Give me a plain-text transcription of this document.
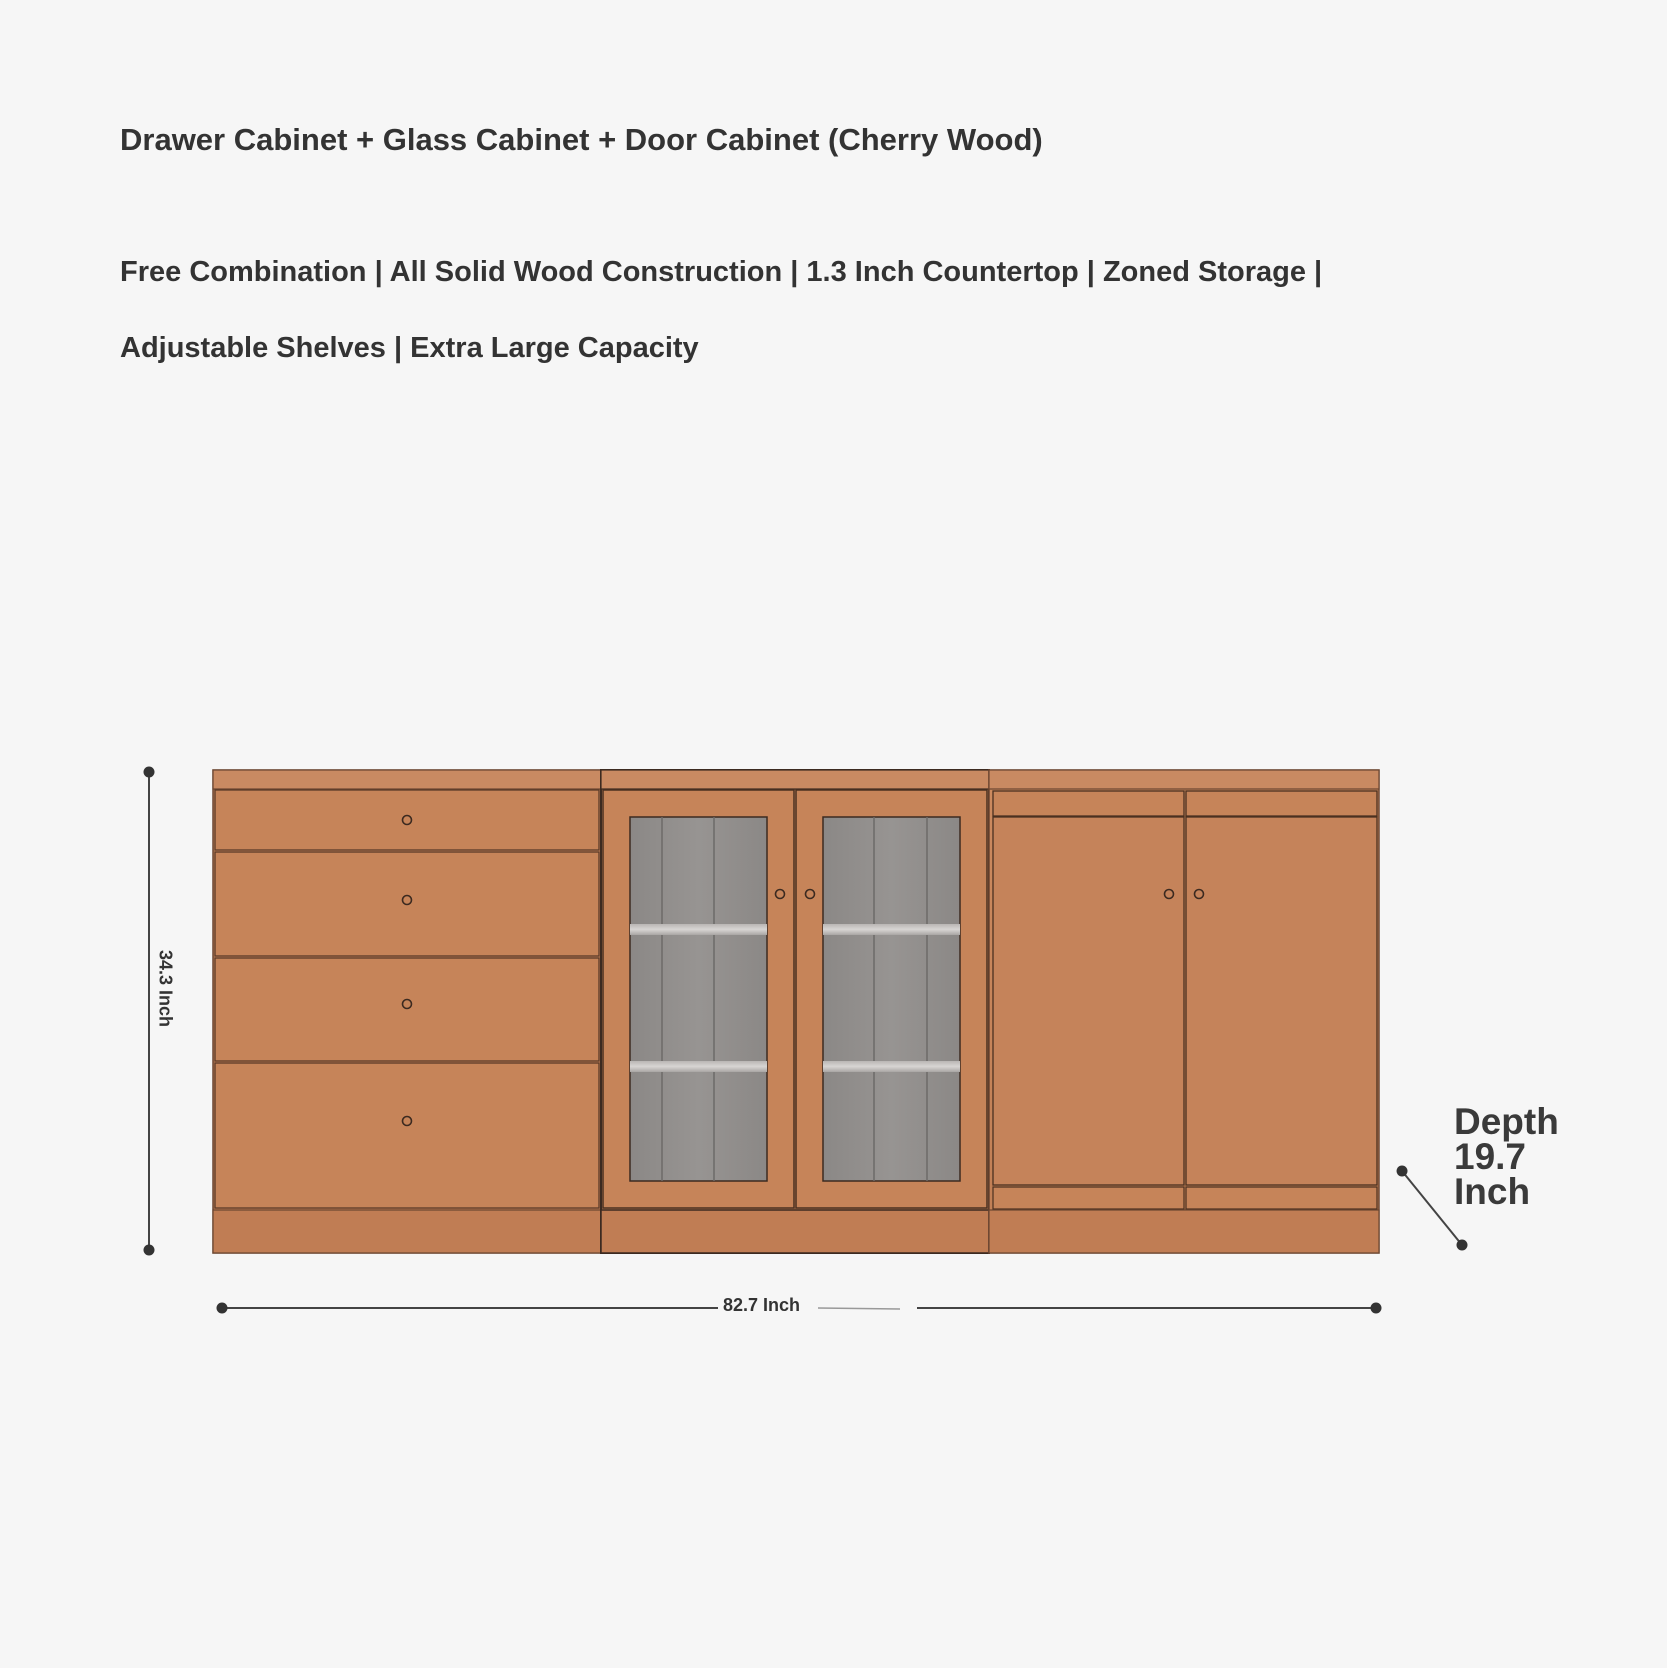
Drawer Cabinet + Glass Cabinet + Door Cabinet (Cherry Wood)
Free Combination | All Solid Wood Construction | 1.3 Inch Countertop | Zoned Storage |
Adjustable Shelves | Extra Large Capacity
34.3 Inch
82.7 Inch
Depth
19.7
Inch
